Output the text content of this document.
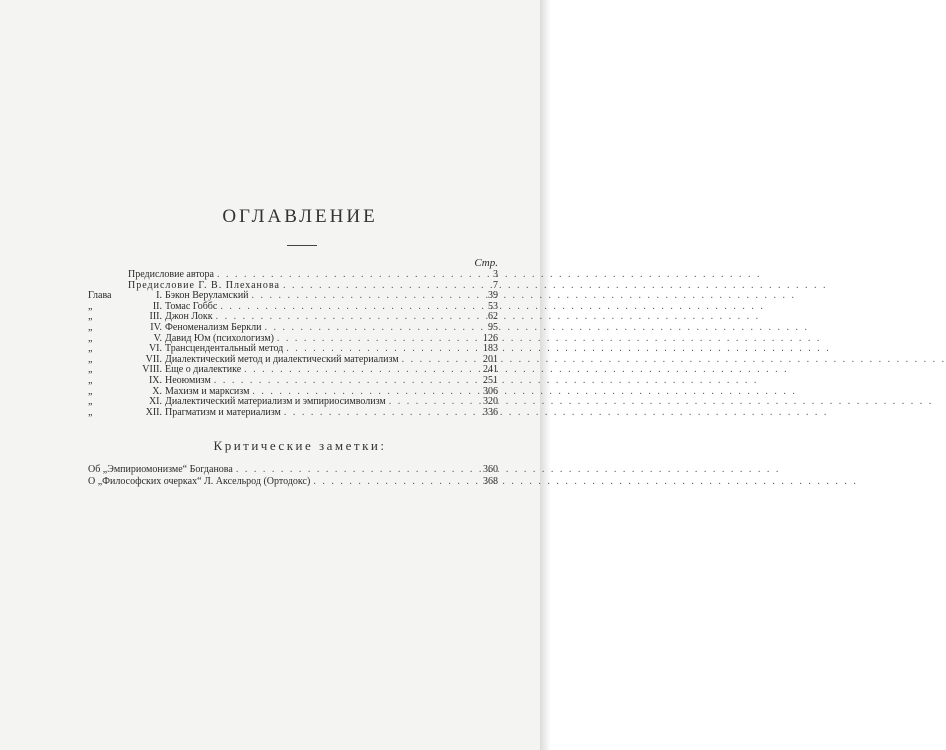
ОГЛАВЛЕНИЕ
Стр.
Предисловие автора . . .	3
Предисловие Г. В. Плеханова . . .	7
Глава	I. Бэкон Веруламский . . .	39
„	II. Томас Гоббс . . .	53
„	III. Джон Локк . . .	62
„	IV. Феноменализм Беркли . . .	95
„	V. Давид Юм (психологизм) . . .	126
„	VI. Трансцендентальный метод . . .	183
„	VII. Диалектический метод и диалектический материализм . . .	201
„	VIII. Еще о диалектике . . .	241
„	IX. Неоюмизм . . .	251
„	X. Махизм и марксизм . . .	306
„	XI. Диалектический материализм и эмпириосимволизм . . .	320
„	XII. Прагматизм и материализм . . .	336
Критические заметки:
Об „Эмпириомонизме“ Богданова . . .	360
О „Философских очерках“ Л. Аксельрод (Ортодокс) . . .	368
